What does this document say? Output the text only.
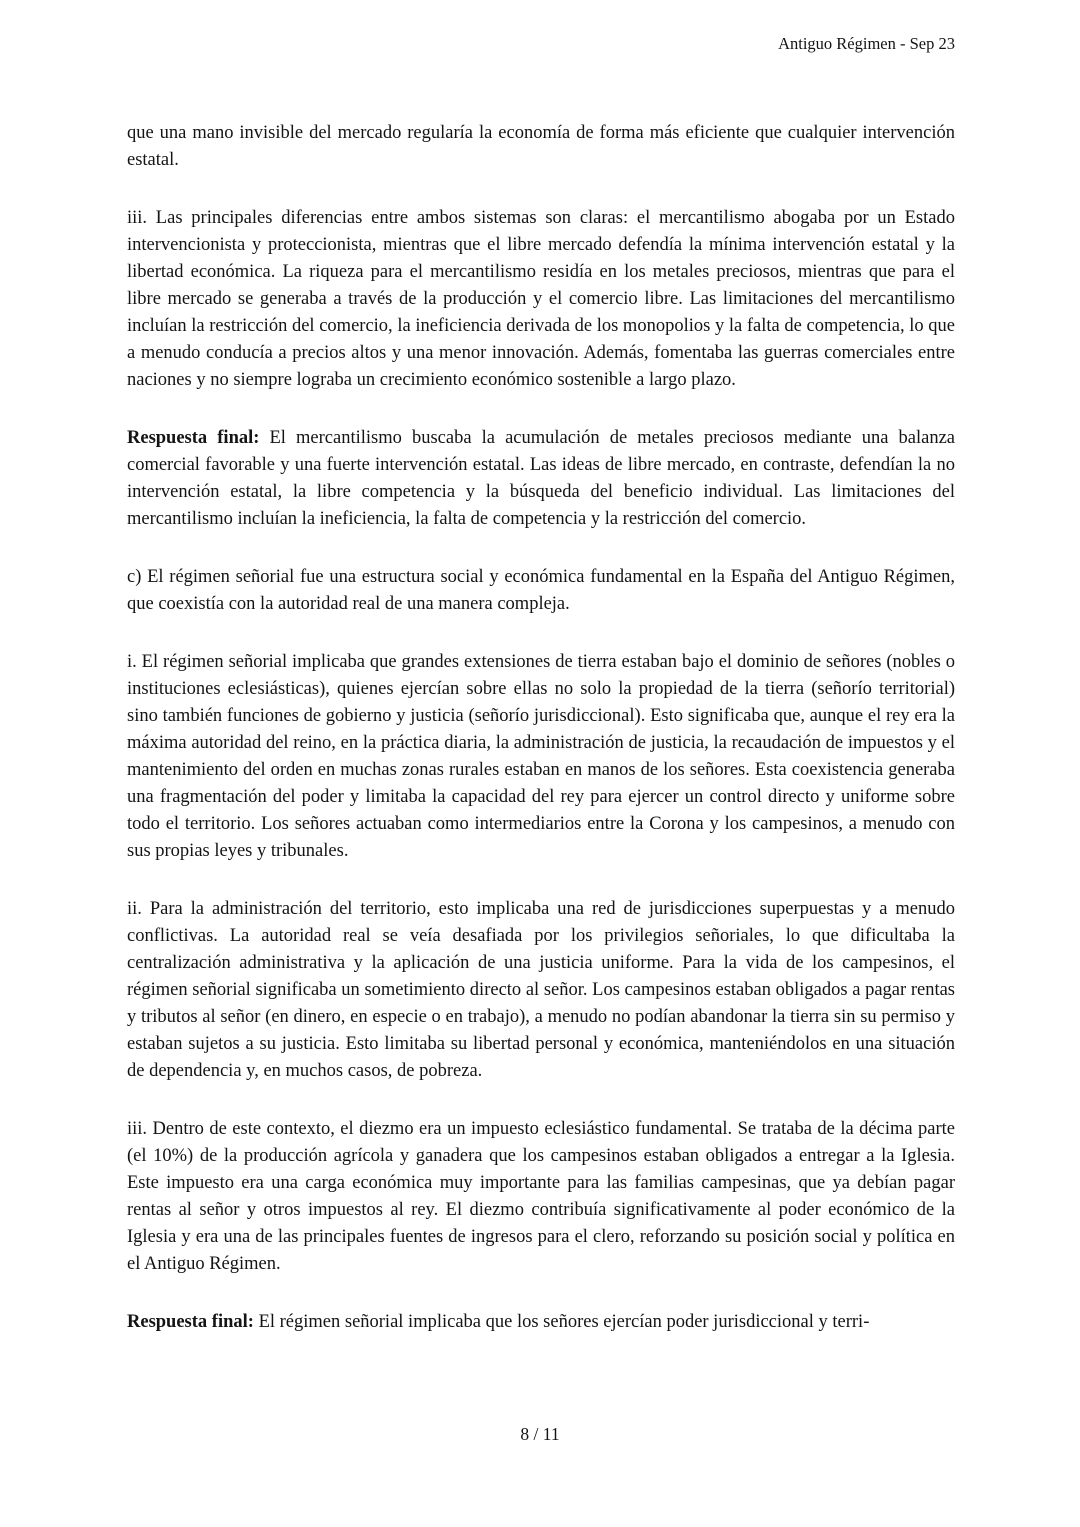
Antiguo Régimen - Sep 23

que una mano invisible del mercado regularía la economía de forma más eficiente que cualquier intervención estatal.

iii. Las principales diferencias entre ambos sistemas son claras: el mercantilismo abogaba por un Estado intervencionista y proteccionista, mientras que el libre mercado defendía la mínima intervención estatal y la libertad económica. La riqueza para el mercantilismo residía en los metales preciosos, mientras que para el libre mercado se generaba a través de la producción y el comercio libre. Las limitaciones del mercantilismo incluían la restricción del comercio, la ineficiencia derivada de los monopolios y la falta de competencia, lo que a menudo conducía a precios altos y una menor innovación. Además, fomentaba las guerras comerciales entre naciones y no siempre lograba un crecimiento económico sostenible a largo plazo.

Respuesta final: El mercantilismo buscaba la acumulación de metales preciosos mediante una balanza comercial favorable y una fuerte intervención estatal. Las ideas de libre mercado, en contraste, defendían la no intervención estatal, la libre competencia y la búsqueda del beneficio individual. Las limitaciones del mercantilismo incluían la ineficiencia, la falta de competencia y la restricción del comercio.

c) El régimen señorial fue una estructura social y económica fundamental en la España del Antiguo Régimen, que coexistía con la autoridad real de una manera compleja.

i. El régimen señorial implicaba que grandes extensiones de tierra estaban bajo el dominio de señores (nobles o instituciones eclesiásticas), quienes ejercían sobre ellas no solo la propiedad de la tierra (señorío territorial) sino también funciones de gobierno y justicia (señorío jurisdiccional). Esto significaba que, aunque el rey era la máxima autoridad del reino, en la práctica diaria, la administración de justicia, la recaudación de impuestos y el mantenimiento del orden en muchas zonas rurales estaban en manos de los señores. Esta coexistencia generaba una fragmentación del poder y limitaba la capacidad del rey para ejercer un control directo y uniforme sobre todo el territorio. Los señores actuaban como intermediarios entre la Corona y los campesinos, a menudo con sus propias leyes y tribunales.

ii. Para la administración del territorio, esto implicaba una red de jurisdicciones superpuestas y a menudo conflictivas. La autoridad real se veía desafiada por los privilegios señoriales, lo que dificultaba la centralización administrativa y la aplicación de una justicia uniforme. Para la vida de los campesinos, el régimen señorial significaba un sometimiento directo al señor. Los campesinos estaban obligados a pagar rentas y tributos al señor (en dinero, en especie o en trabajo), a menudo no podían abandonar la tierra sin su permiso y estaban sujetos a su justicia. Esto limitaba su libertad personal y económica, manteniéndolos en una situación de dependencia y, en muchos casos, de pobreza.

iii. Dentro de este contexto, el diezmo era un impuesto eclesiástico fundamental. Se trataba de la décima parte (el 10%) de la producción agrícola y ganadera que los campesinos estaban obligados a entregar a la Iglesia. Este impuesto era una carga económica muy importante para las familias campesinas, que ya debían pagar rentas al señor y otros impuestos al rey. El diezmo contribuía significativamente al poder económico de la Iglesia y era una de las principales fuentes de ingresos para el clero, reforzando su posición social y política en el Antiguo Régimen.

Respuesta final: El régimen señorial implicaba que los señores ejercían poder jurisdiccional y terri-

8 / 11
